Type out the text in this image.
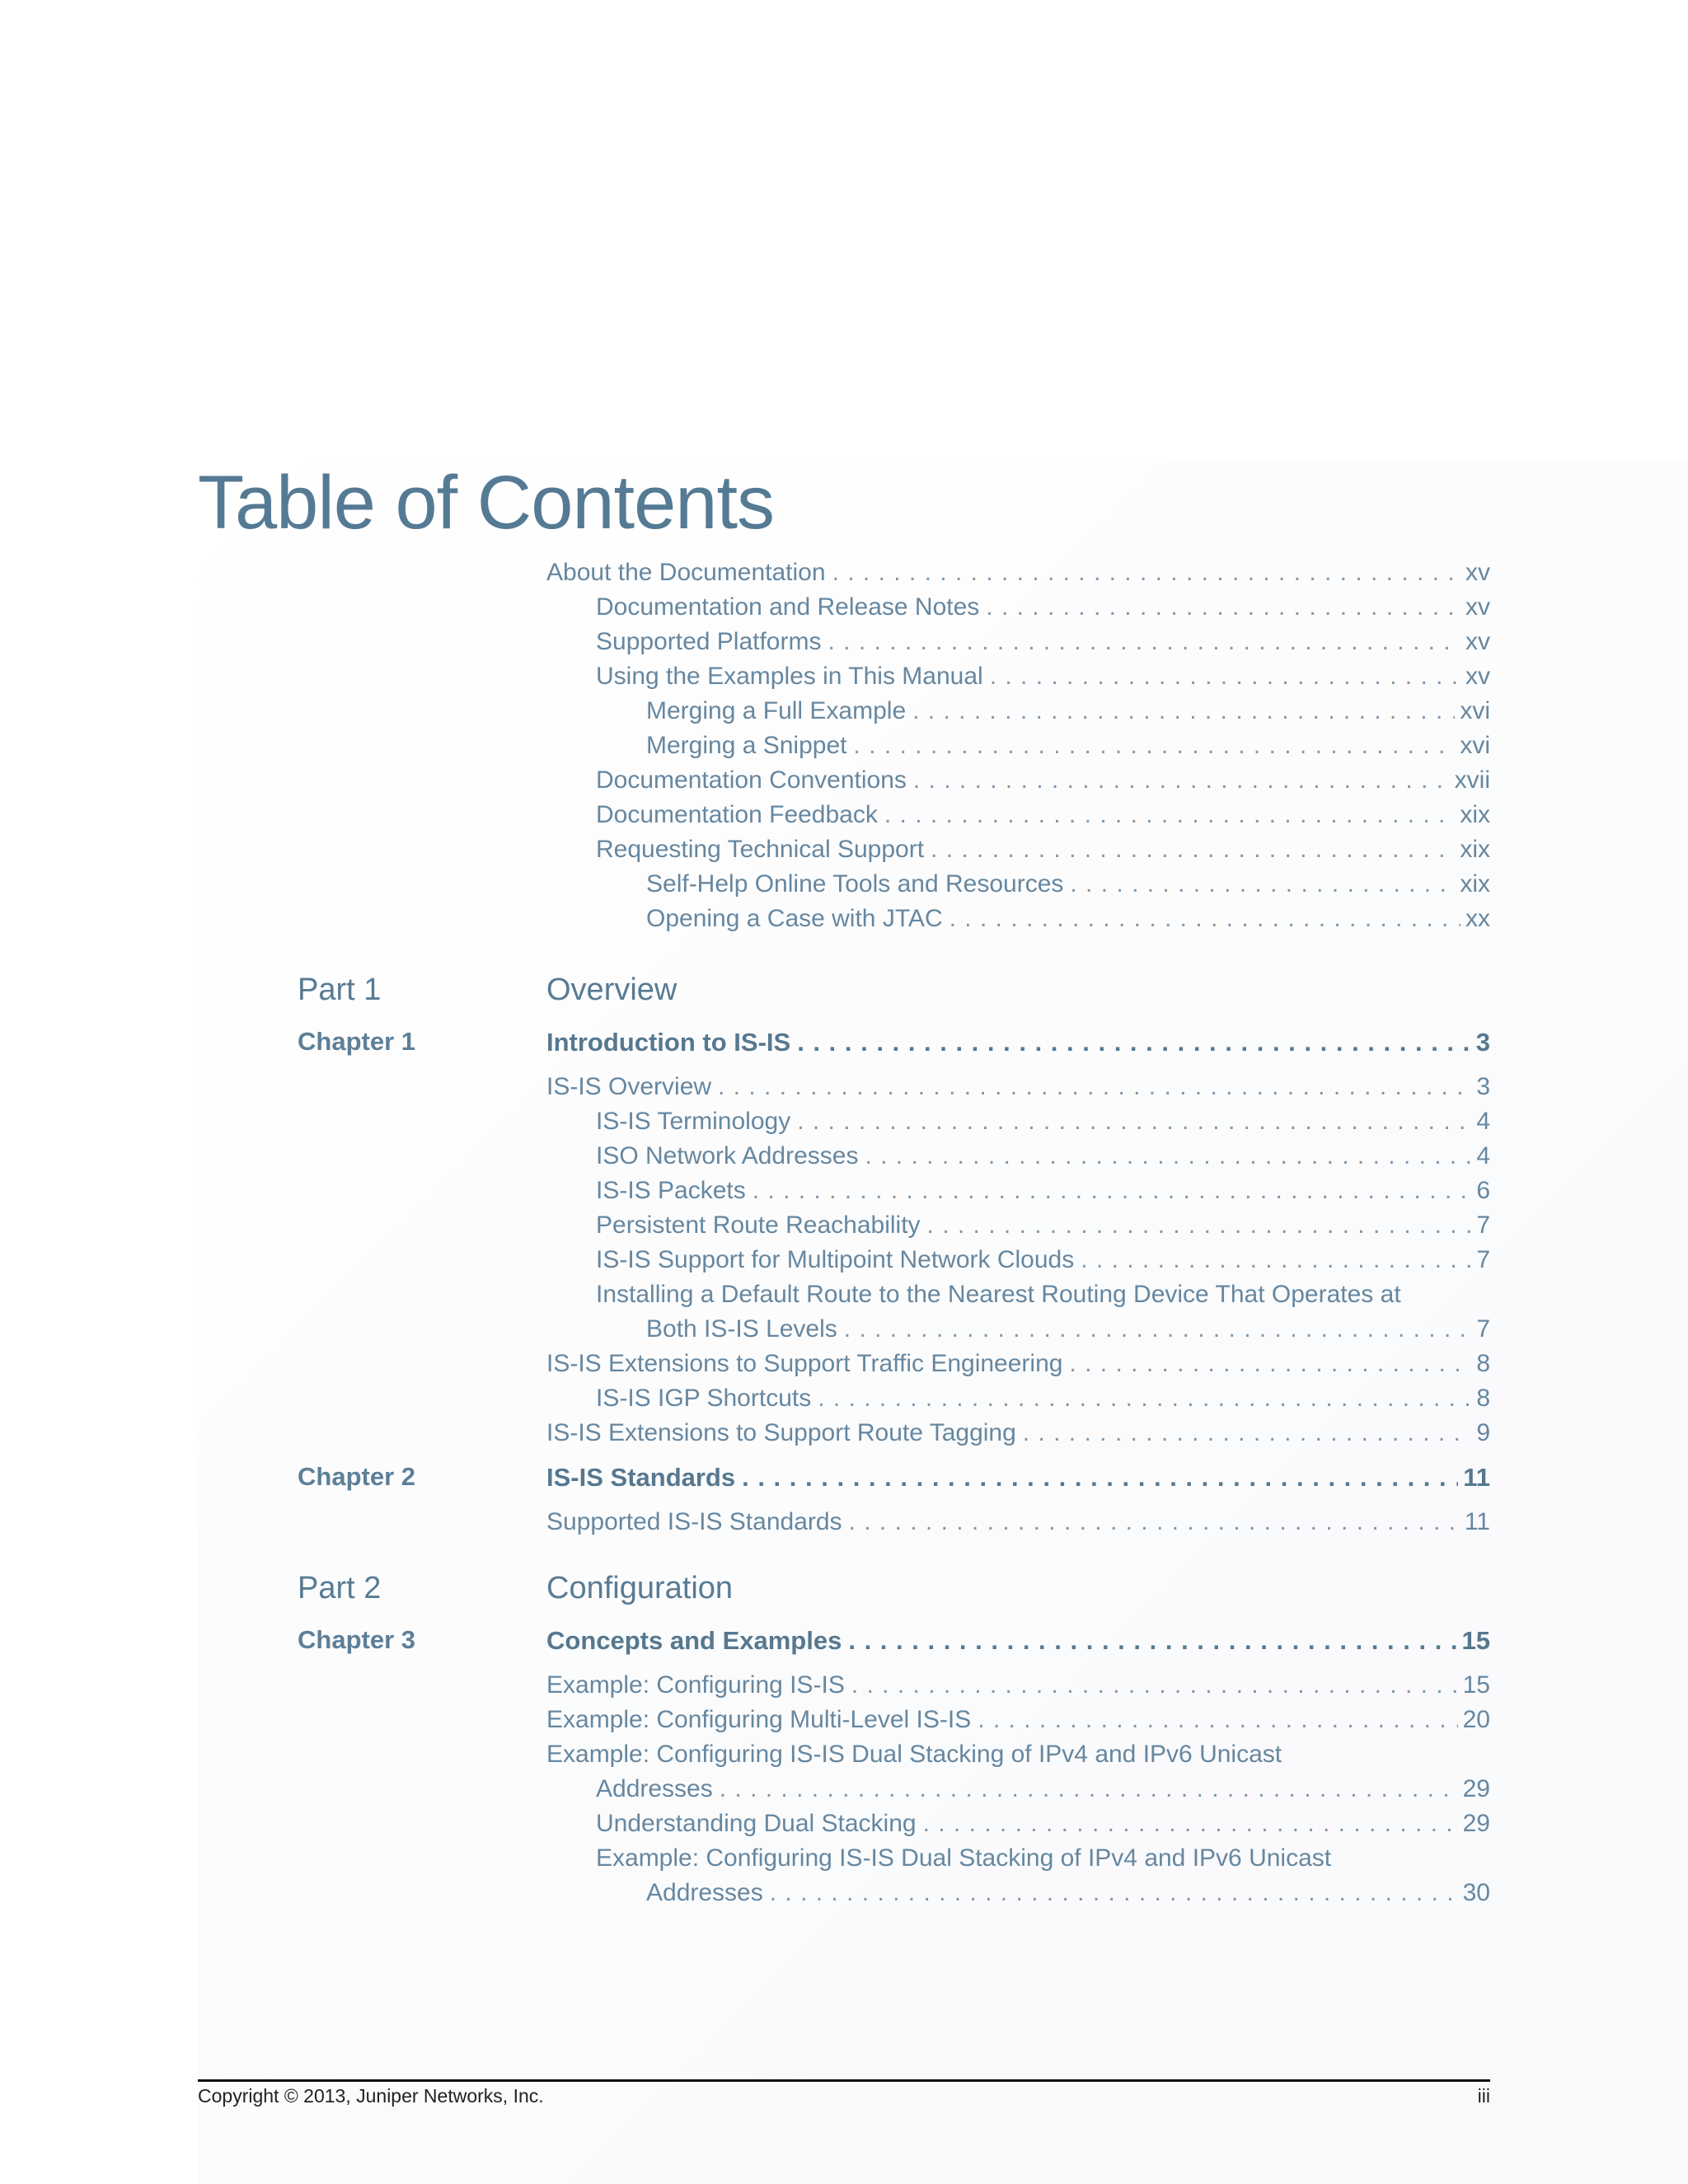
Table of Contents
About the Documentation . . .	xv
Documentation and Release Notes . . .	xv
Supported Platforms . . .	xv
Using the Examples in This Manual . . .	xv
Merging a Full Example . . .	xvi
Merging a Snippet . . .	xvi
Documentation Conventions . . .	xvii
Documentation Feedback . . .	xix
Requesting Technical Support . . .	xix
Self-Help Online Tools and Resources . . .	xix
Opening a Case with JTAC . . .	xx
Part 1	Overview
Chapter 1	Introduction to IS-IS . . .	3
IS-IS Overview . . .	3
IS-IS Terminology . . .	4
ISO Network Addresses . . .	4
IS-IS Packets . . .	6
Persistent Route Reachability . . .	7
IS-IS Support for Multipoint Network Clouds . . .	7
Installing a Default Route to the Nearest Routing Device That Operates at
Both IS-IS Levels . . .	7
IS-IS Extensions to Support Traffic Engineering . . .	8
IS-IS IGP Shortcuts . . .	8
IS-IS Extensions to Support Route Tagging . . .	9
Chapter 2	IS-IS Standards . . .	11
Supported IS-IS Standards . . .	11
Part 2	Configuration
Chapter 3	Concepts and Examples . . .	15
Example: Configuring IS-IS . . .	15
Example: Configuring Multi-Level IS-IS . . .	20
Example: Configuring IS-IS Dual Stacking of IPv4 and IPv6 Unicast
Addresses . . .	29
Understanding Dual Stacking . . .	29
Example: Configuring IS-IS Dual Stacking of IPv4 and IPv6 Unicast
Addresses . . .	30
Copyright © 2013, Juniper Networks, Inc.	iii
